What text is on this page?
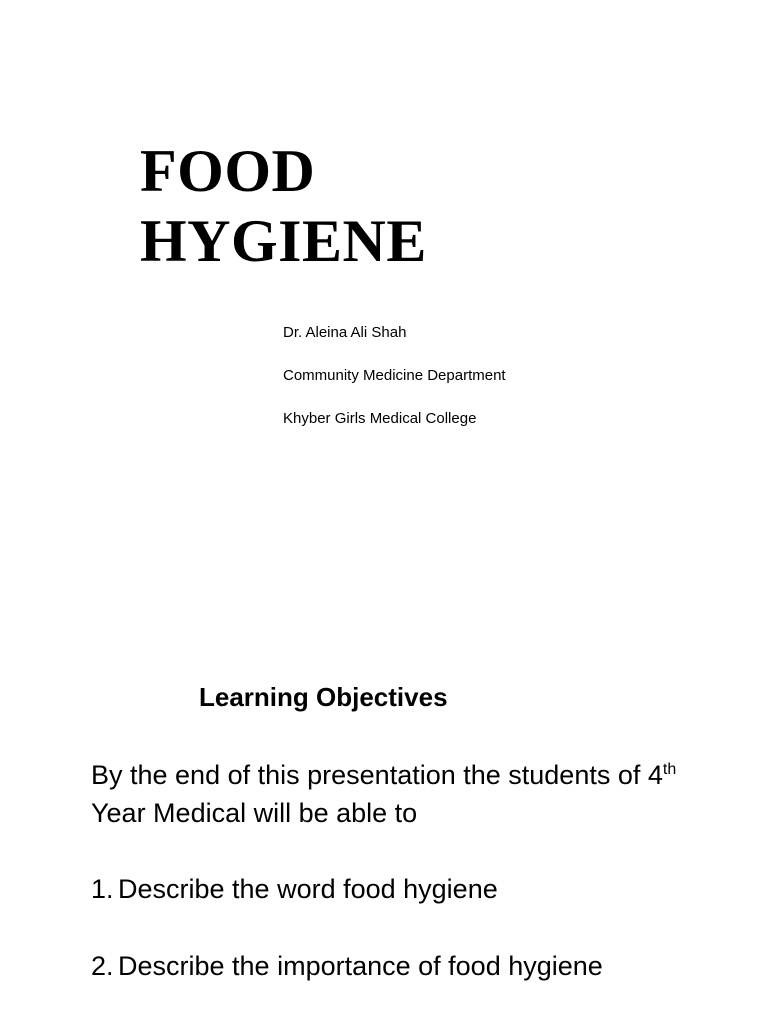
FOOD
HYGIENE
Dr. Aleina Ali Shah
Community Medicine Department
Khyber Girls Medical College
Learning Objectives

By the end of this presentation the students of 4th Year Medical will be able to

1. Describe the word food hygiene
2. Describe the importance of food hygiene
